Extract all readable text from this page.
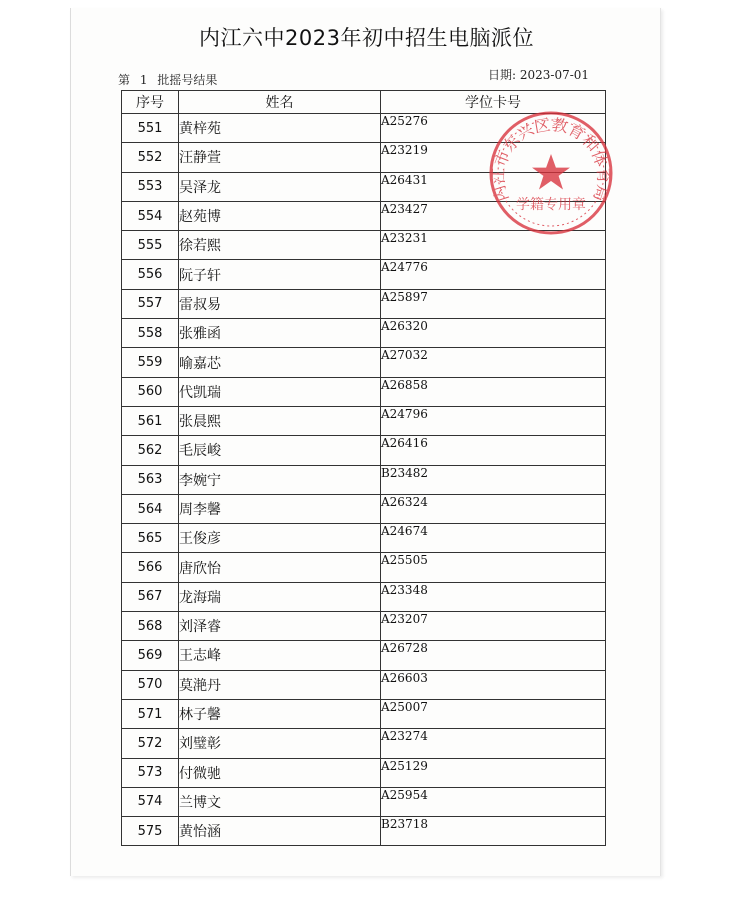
内江六中2023年初中招生电脑派位
第 1 批摇号结果	日期: 2023-07-01
序号	姓名	学位卡号
551	黄梓苑	A25276
552	汪静萱	A23219
553	吴泽龙	A26431
554	赵苑博	A23427
555	徐若熙	A23231
556	阮子轩	A24776
557	雷叔易	A25897
558	张雅函	A26320
559	喻嘉芯	A27032
560	代凯瑞	A26858
561	张晨熙	A24796
562	毛辰峻	A26416
563	李婉宁	B23482
564	周李馨	A26324
565	王俊彦	A24674
566	唐欣怡	A25505
567	龙海瑞	A23348
568	刘泽睿	A23207
569	王志峰	A26728
570	莫滟丹	A26603
571	林子馨	A25007
572	刘璧彰	A23274
573	付微驰	A25129
574	兰博文	A25954
575	黄怡涵	B23718
内江市东兴区教育和体育局
学籍专用章
